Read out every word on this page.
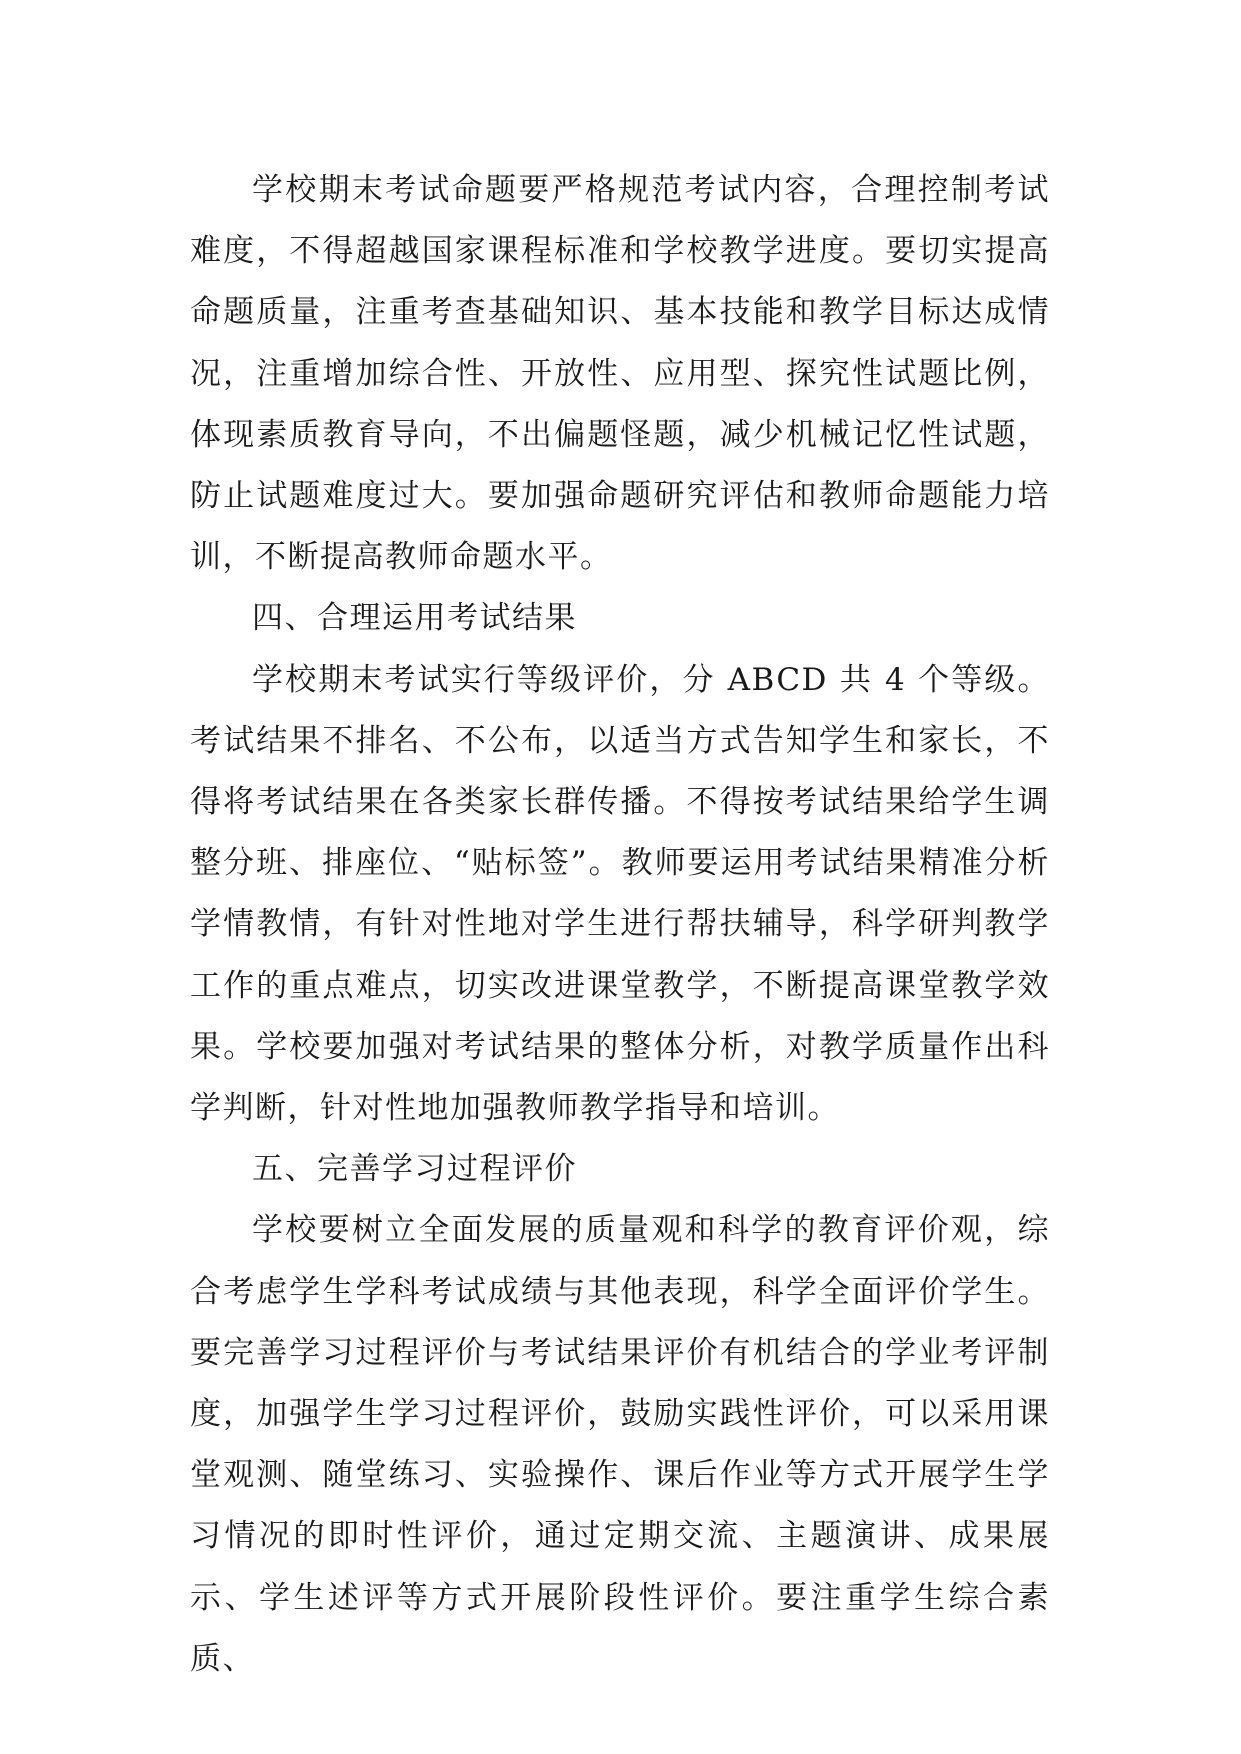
学校期末考试命题要严格规范考试内容，合理控制考试难度，不得超越国家课程标准和学校教学进度。要切实提高命题质量，注重考查基础知识、基本技能和教学目标达成情况，注重增加综合性、开放性、应用型、探究性试题比例，体现素质教育导向，不出偏题怪题，减少机械记忆性试题，防止试题难度过大。要加强命题研究评估和教师命题能力培训，不断提高教师命题水平。

四、合理运用考试结果

学校期末考试实行等级评价，分 ABCD 共 4 个等级。考试结果不排名、不公布，以适当方式告知学生和家长，不得将考试结果在各类家长群传播。不得按考试结果给学生调整分班、排座位、“贴标签”。教师要运用考试结果精准分析学情教情，有针对性地对学生进行帮扶辅导，科学研判教学工作的重点难点，切实改进课堂教学，不断提高课堂教学效果。学校要加强对考试结果的整体分析，对教学质量作出科学判断，针对性地加强教师教学指导和培训。

五、完善学习过程评价

学校要树立全面发展的质量观和科学的教育评价观，综合考虑学生学科考试成绩与其他表现，科学全面评价学生。要完善学习过程评价与考试结果评价有机结合的学业考评制度，加强学生学习过程评价，鼓励实践性评价，可以采用课堂观测、随堂练习、实验操作、课后作业等方式开展学生学习情况的即时性评价，通过定期交流、主题演讲、成果展示、学生述评等方式开展阶段性评价。要注重学生综合素质、
